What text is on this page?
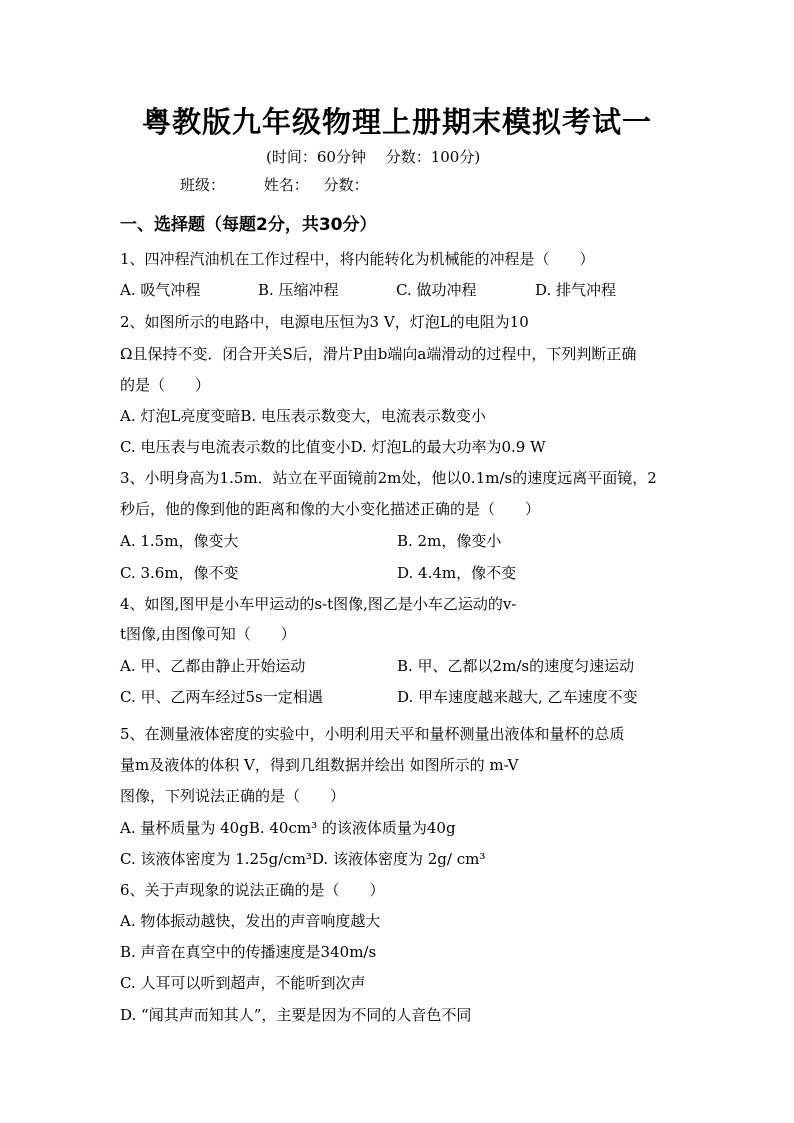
粤教版九年级物理上册期末模拟考试一
(时间：60分钟　 分数：100分)
班级：	姓名： 分数：
一、选择题（每题2分，共30分）
1、四冲程汽油机在工作过程中，将内能转化为机械能的冲程是（　　）
A. 吸气冲程	B. 压缩冲程	C. 做功冲程	D. 排气冲程
2、如图所示的电路中，电源电压恒为3 V，灯泡L的电阻为10
Ω且保持不变．闭合开关S后，滑片P由b端向a端滑动的过程中，下列判断正确
的是（　　）
A. 灯泡L亮度变暗B. 电压表示数变大，电流表示数变小
C. 电压表与电流表示数的比值变小D. 灯泡L的最大功率为0.9 W
3、小明身高为1.5m．站立在平面镜前2m处，他以0.1m/s的速度远离平面镜，2
秒后，他的像到他的距离和像的大小变化描述正确的是（　　）
A. 1.5m，像变大	B. 2m，像变小
C. 3.6m，像不变	D. 4.4m，像不变
4、如图,图甲是小车甲运动的s-t图像,图乙是小车乙运动的v-
t图像,由图像可知（　　）
A. 甲、乙都由静止开始运动	B. 甲、乙都以2m/s的速度匀速运动
C. 甲、乙两车经过5s一定相遇	D. 甲车速度越来越大, 乙车速度不变
5、在测量液体密度的实验中，小明利用天平和量杯测量出液体和量杯的总质
量m及液体的体积 V，得到几组数据并绘出 如图所示的 m-V
图像，下列说法正确的是（　　）
A. 量杯质量为 40gB. 40cm³ 的该液体质量为40g
C. 该液体密度为 1.25g/cm³D. 该液体密度为 2g/ cm³
6、关于声现象的说法正确的是（　　）
A. 物体振动越快，发出的声音响度越大
B. 声音在真空中的传播速度是340m/s
C. 人耳可以听到超声，不能听到次声
D. “闻其声而知其人”，主要是因为不同的人音色不同
